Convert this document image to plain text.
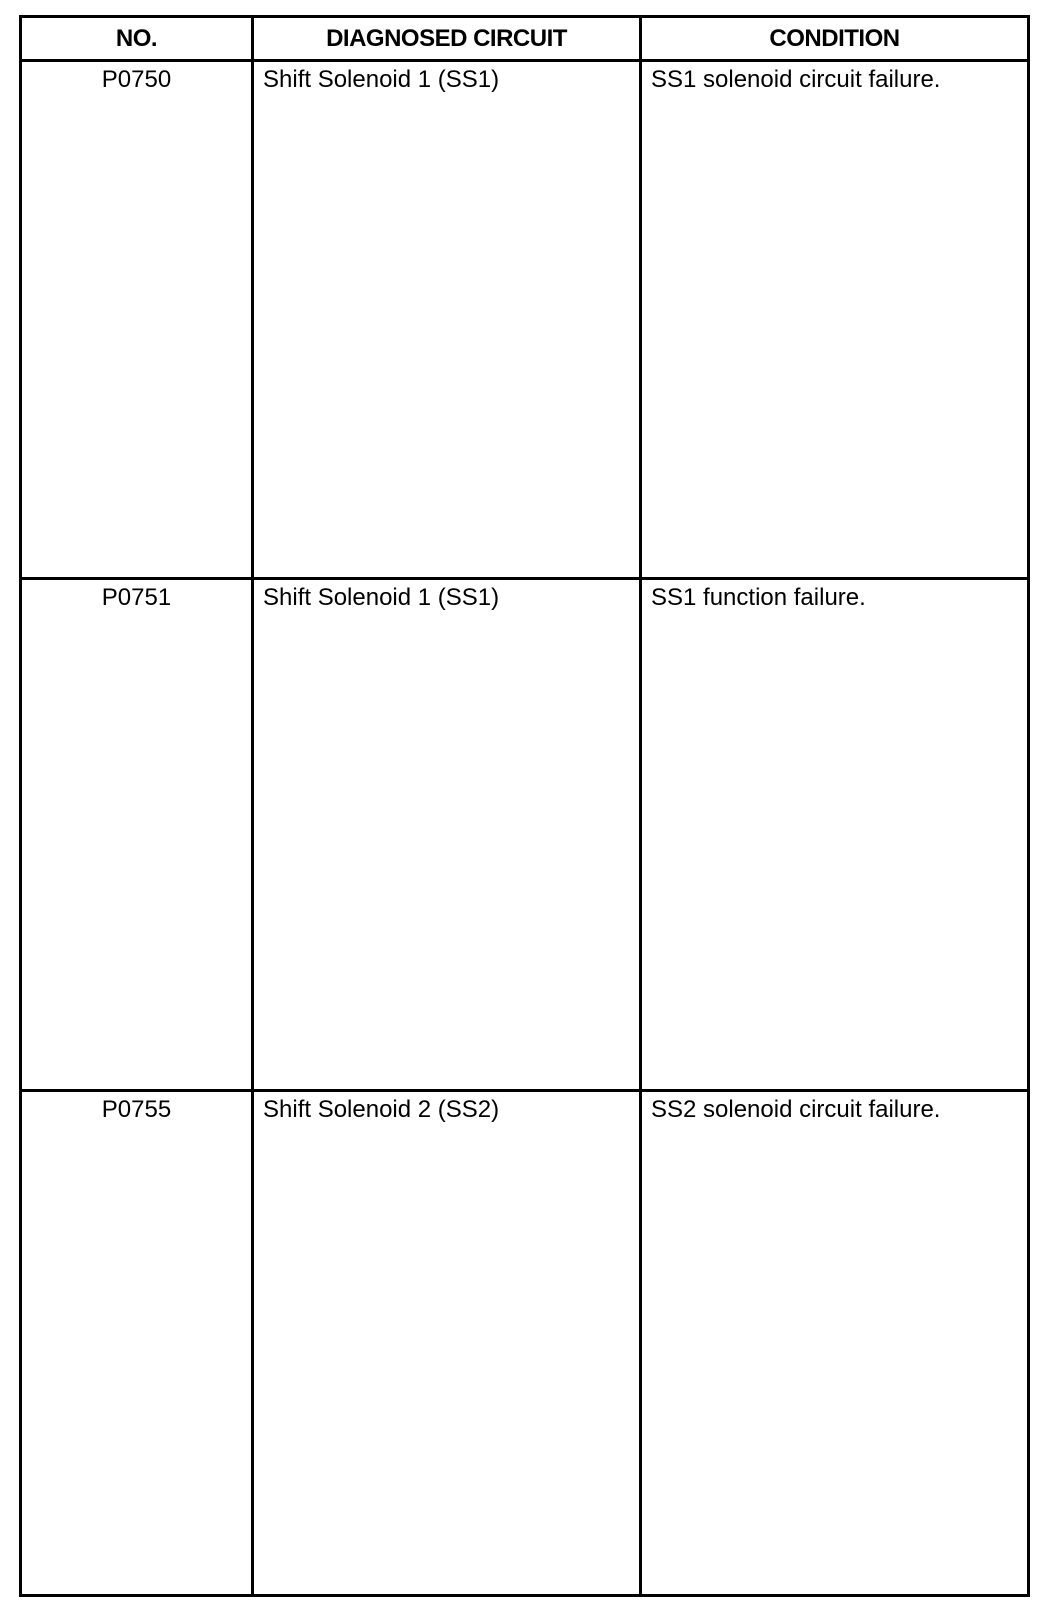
NO.	DIAGNOSED CIRCUIT	CONDITION
P0750	Shift Solenoid 1 (SS1)	SS1 solenoid circuit failure.
P0751	Shift Solenoid 1 (SS1)	SS1 function failure.
P0755	Shift Solenoid 2 (SS2)	SS2 solenoid circuit failure.
